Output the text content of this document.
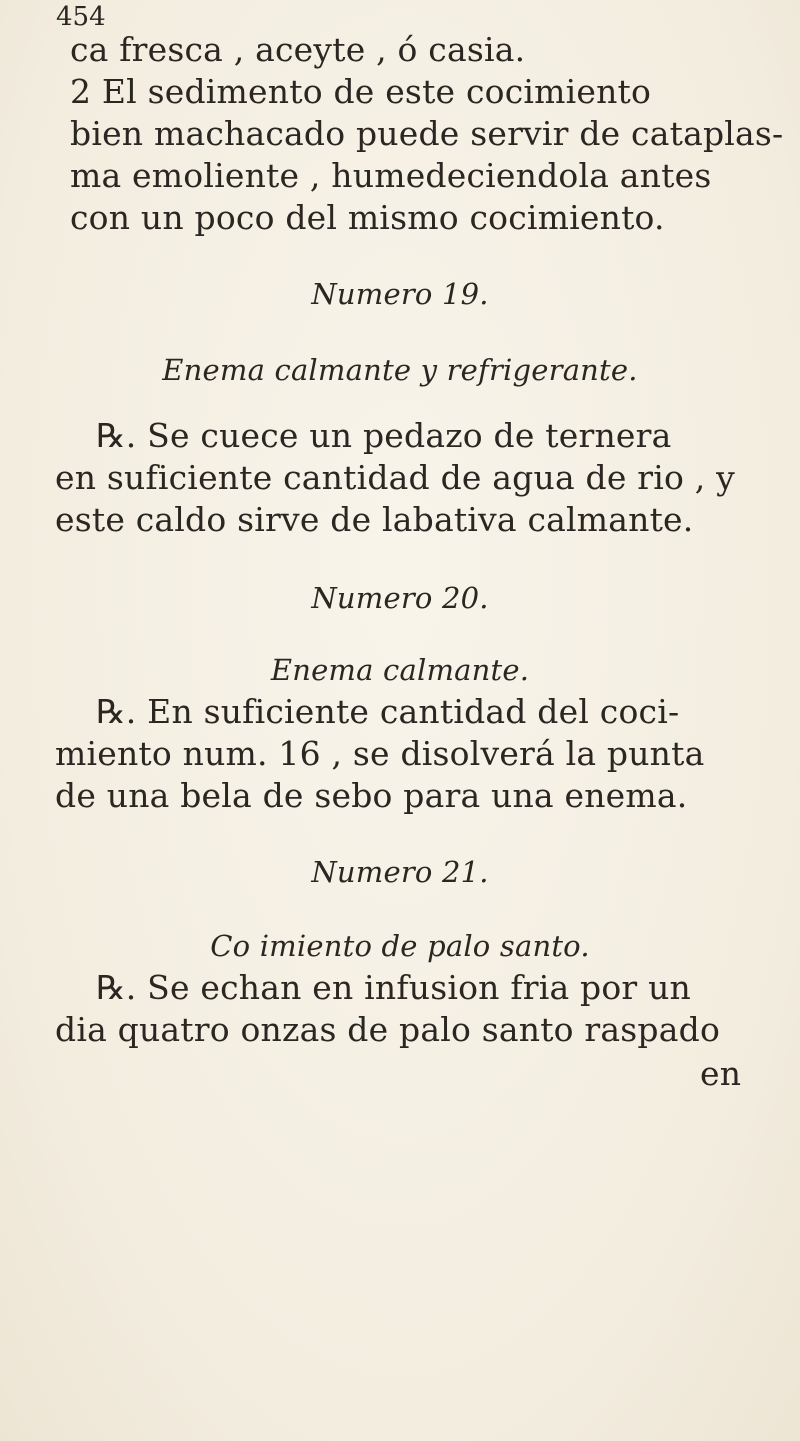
454
ca fresca , aceyte , ó casia.
2 El sedimento de este cocimiento
bien machacado puede servir de cataplas-
ma emoliente , humedeciendola antes
con un poco del mismo cocimiento.
Numero 19.
Enema calmante y refrigerante.
℞. Se cuece un pedazo de ternera
en suficiente cantidad de agua de rio , y
este caldo sirve de labativa calmante.
Numero 20.
Enema calmante.
℞. En suficiente cantidad del coci-
miento num. 16 , se disolverá la punta
de una bela de sebo para una enema.
Numero 21.
Co imiento de palo santo.
℞. Se echan en infusion fria por un
dia quatro onzas de palo santo raspado
en
